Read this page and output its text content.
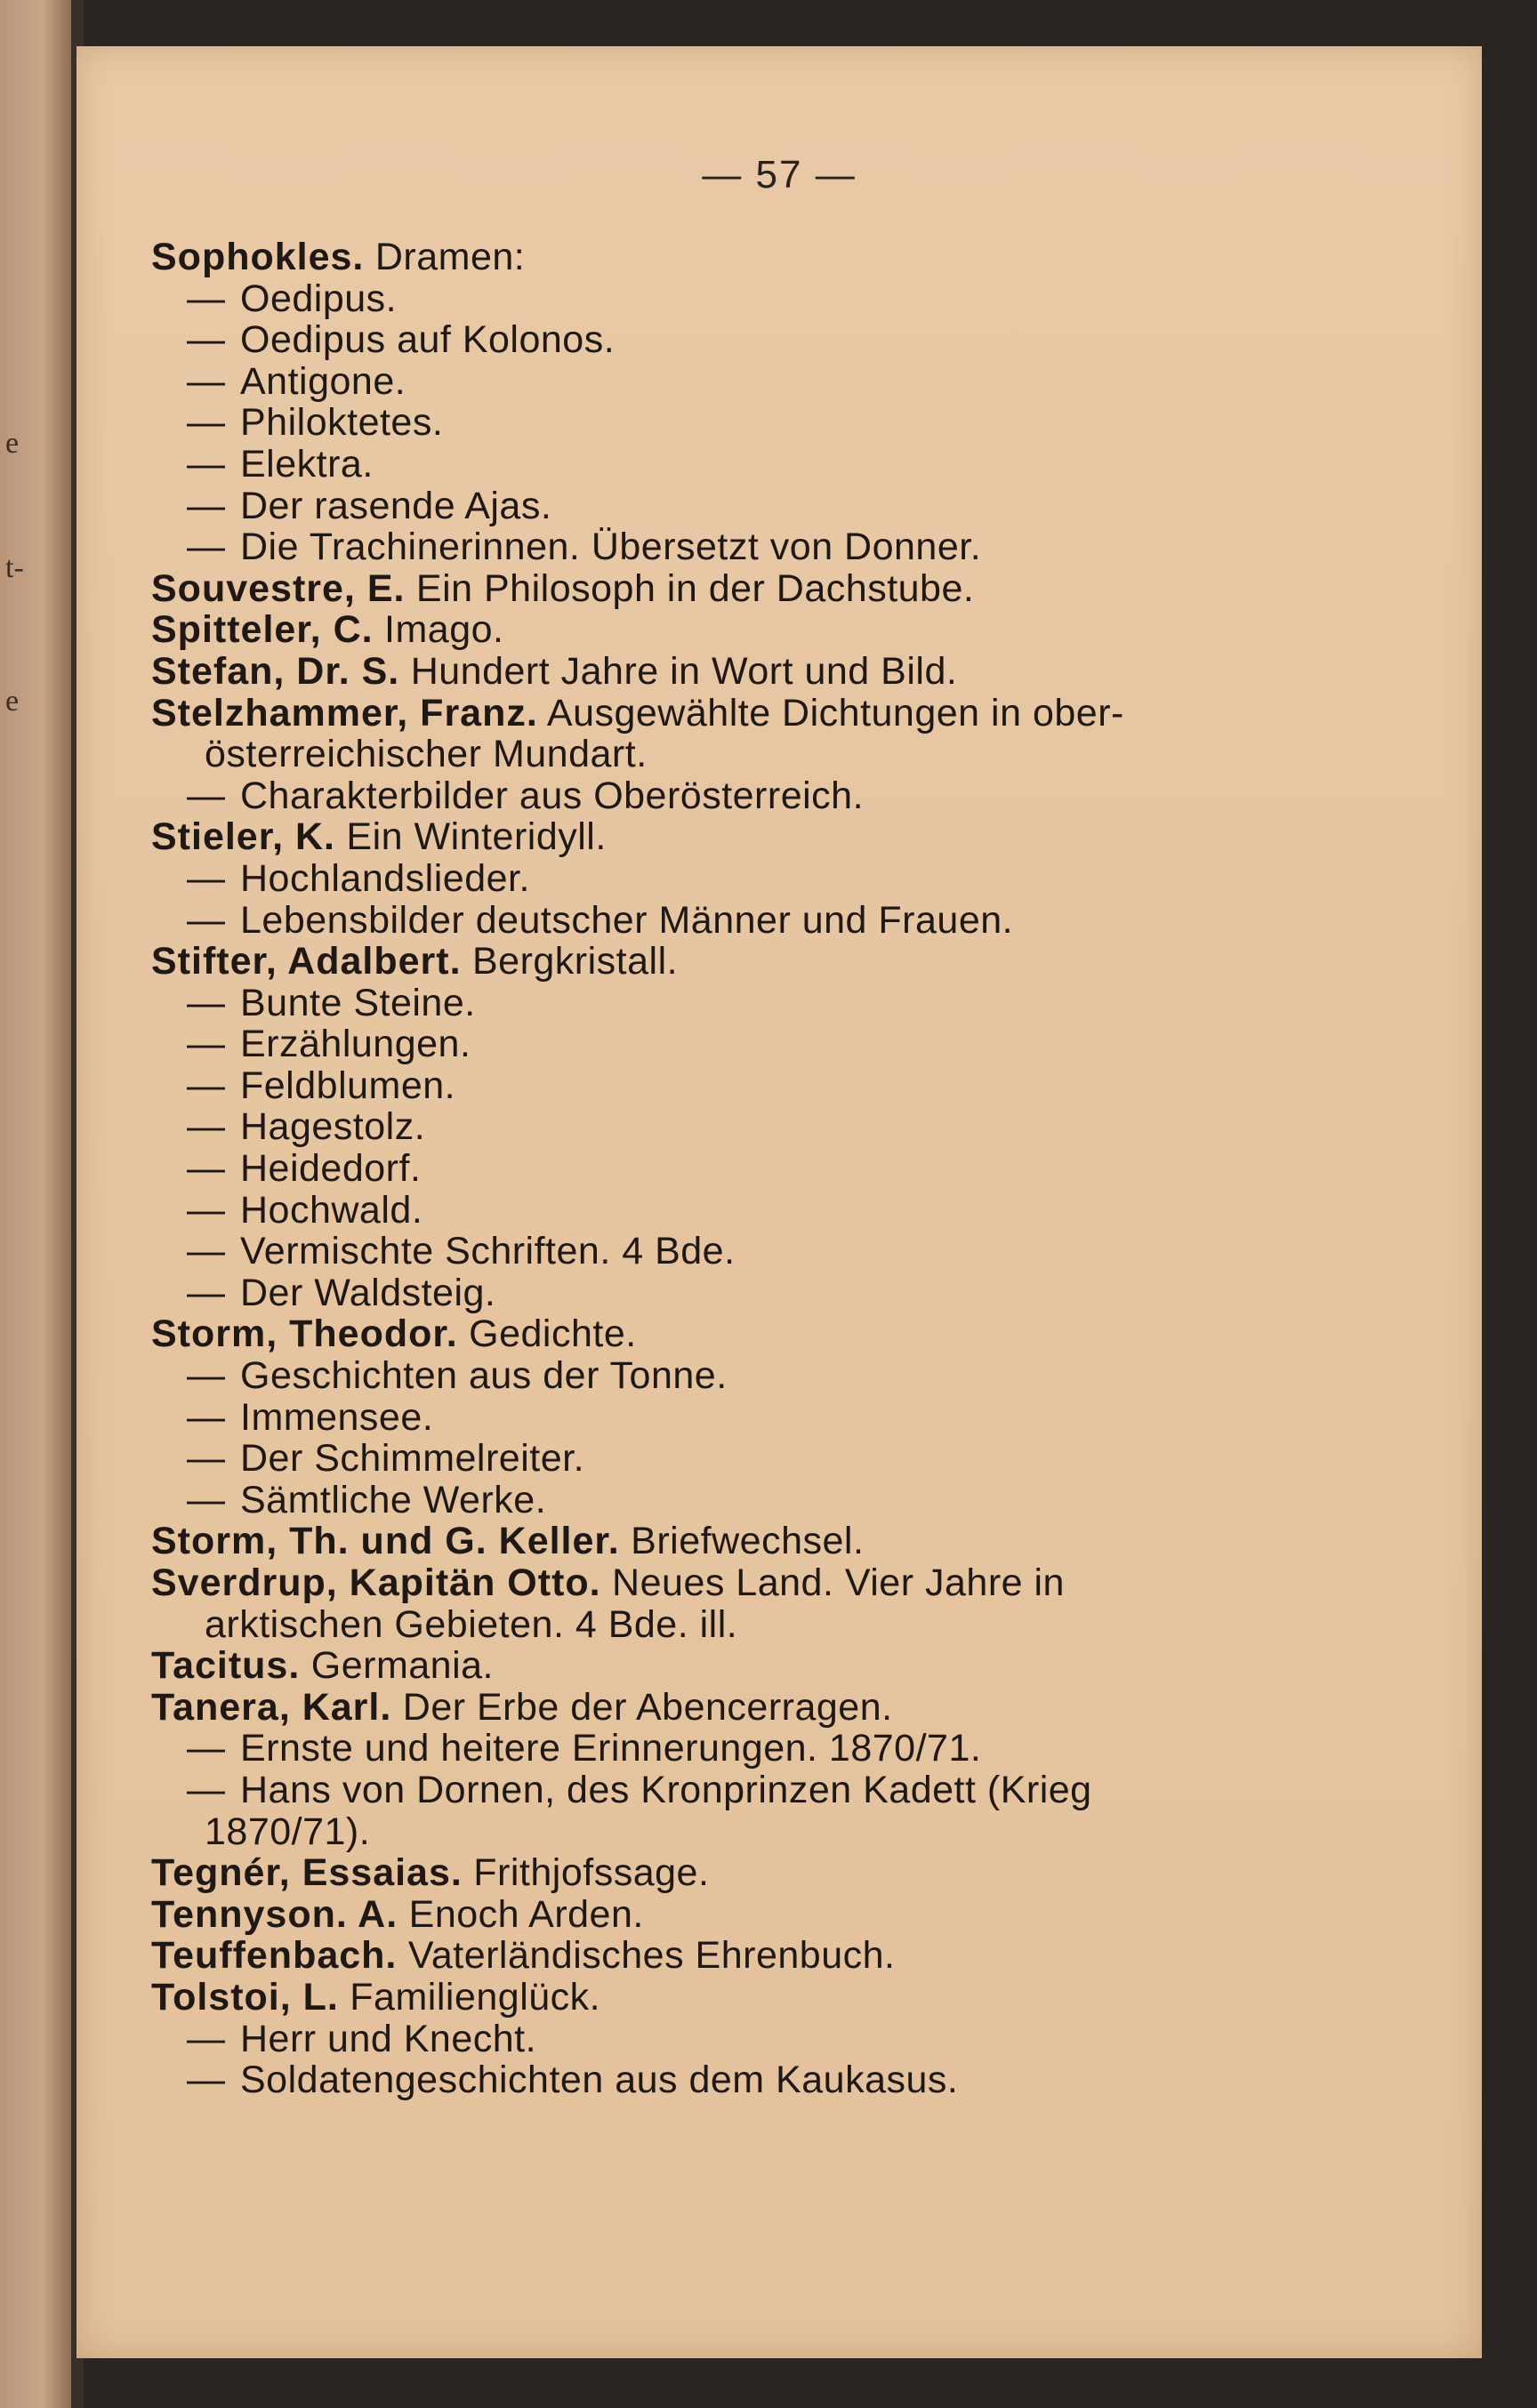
e
t-
e
— 57 —
Sophokles. Dramen:
— Oedipus.
— Oedipus auf Kolonos.
— Antigone.
— Philoktetes.
— Elektra.
— Der rasende Ajas.
— Die Trachinerinnen. Übersetzt von Donner.
Souvestre, E. Ein Philosoph in der Dachstube.
Spitteler, C. Imago.
Stefan, Dr. S. Hundert Jahre in Wort und Bild.
Stelzhammer, Franz. Ausgewählte Dichtungen in ober-
österreichischer Mundart.
— Charakterbilder aus Oberösterreich.
Stieler, K. Ein Winteridyll.
— Hochlandslieder.
— Lebensbilder deutscher Männer und Frauen.
Stifter, Adalbert. Bergkristall.
— Bunte Steine.
— Erzählungen.
— Feldblumen.
— Hagestolz.
— Heidedorf.
— Hochwald.
— Vermischte Schriften. 4 Bde.
— Der Waldsteig.
Storm, Theodor. Gedichte.
— Geschichten aus der Tonne.
— Immensee.
— Der Schimmelreiter.
— Sämtliche Werke.
Storm, Th. und G. Keller. Briefwechsel.
Sverdrup, Kapitän Otto. Neues Land. Vier Jahre in
arktischen Gebieten. 4 Bde. ill.
Tacitus. Germania.
Tanera, Karl. Der Erbe der Abencerragen.
— Ernste und heitere Erinnerungen. 1870/71.
— Hans von Dornen, des Kronprinzen Kadett (Krieg
1870/71).
Tegnér, Essaias. Frithjofssage.
Tennyson. A. Enoch Arden.
Teuffenbach. Vaterländisches Ehrenbuch.
Tolstoi, L. Familienglück.
— Herr und Knecht.
— Soldatengeschichten aus dem Kaukasus.
